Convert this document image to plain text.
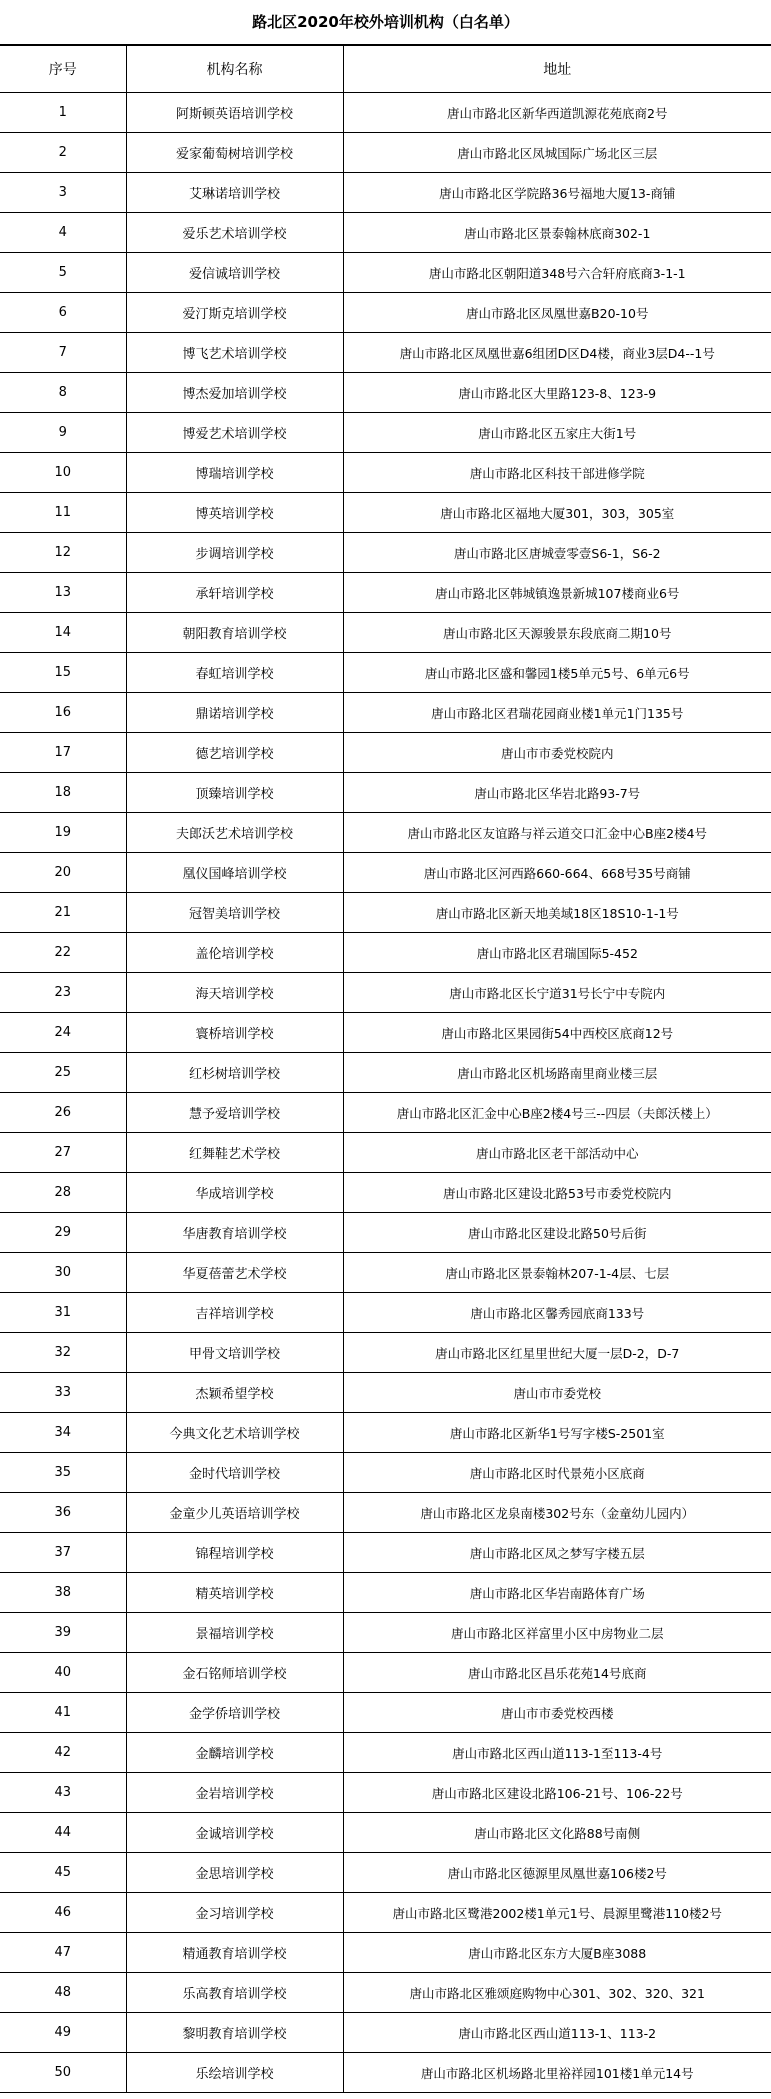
路北区2020年校外培训机构（白名单）
序号	机构名称	地址
1	阿斯顿英语培训学校	唐山市路北区新华西道凯源花苑底商2号
2	爱家葡萄树培训学校	唐山市路北区凤城国际广场北区三层
3	艾琳诺培训学校	唐山市路北区学院路36号福地大厦13-商铺
4	爱乐艺术培训学校	唐山市路北区景泰翰林底商302-1
5	爱信诚培训学校	唐山市路北区朝阳道348号六合轩府底商3-1-1
6	爱汀斯克培训学校	唐山市路北区凤凰世嘉B20-10号
7	博飞艺术培训学校	唐山市路北区凤凰世嘉6组团D区D4楼，商业3层D4--1号
8	博杰爱加培训学校	唐山市路北区大里路123-8、123-9
9	博爱艺术培训学校	唐山市路北区五家庄大街1号
10	博瑞培训学校	唐山市路北区科技干部进修学院
11	博英培训学校	唐山市路北区福地大厦301，303，305室
12	步调培训学校	唐山市路北区唐城壹零壹S6-1，S6-2
13	承轩培训学校	唐山市路北区韩城镇逸景新城107楼商业6号
14	朝阳教育培训学校	唐山市路北区天源骏景东段底商二期10号
15	春虹培训学校	唐山市路北区盛和馨园1楼5单元5号、6单元6号
16	鼎诺培训学校	唐山市路北区君瑞花园商业楼1单元1门135号
17	德艺培训学校	唐山市市委党校院内
18	顶臻培训学校	唐山市路北区华岩北路93-7号
19	夫郎沃艺术培训学校	唐山市路北区友谊路与祥云道交口汇金中心B座2楼4号
20	凰仪国峰培训学校	唐山市路北区河西路660-664、668号35号商铺
21	冠智美培训学校	唐山市路北区新天地美域18区18S10-1-1号
22	盖伦培训学校	唐山市路北区君瑞国际5-452
23	海天培训学校	唐山市路北区长宁道31号长宁中专院内
24	寰桥培训学校	唐山市路北区果园街54中西校区底商12号
25	红杉树培训学校	唐山市路北区机场路南里商业楼三层
26	慧予爱培训学校	唐山市路北区汇金中心B座2楼4号三--四层（夫郎沃楼上）
27	红舞鞋艺术学校	唐山市路北区老干部活动中心
28	华成培训学校	唐山市路北区建设北路53号市委党校院内
29	华唐教育培训学校	唐山市路北区建设北路50号后街
30	华夏蓓蕾艺术学校	唐山市路北区景泰翰林207-1-4层、七层
31	吉祥培训学校	唐山市路北区馨秀园底商133号
32	甲骨文培训学校	唐山市路北区红星里世纪大厦一层D-2，D-7
33	杰颖希望学校	唐山市市委党校
34	今典文化艺术培训学校	唐山市路北区新华1号写字楼S-2501室
35	金时代培训学校	唐山市路北区时代景苑小区底商
36	金童少儿英语培训学校	唐山市路北区龙泉南楼302号东（金童幼儿园内）
37	锦程培训学校	唐山市路北区凤之梦写字楼五层
38	精英培训学校	唐山市路北区华岩南路体育广场
39	景福培训学校	唐山市路北区祥富里小区中房物业二层
40	金石铭师培训学校	唐山市路北区昌乐花苑14号底商
41	金学侨培训学校	唐山市市委党校西楼
42	金麟培训学校	唐山市路北区西山道113-1至113-4号
43	金岩培训学校	唐山市路北区建设北路106-21号、106-22号
44	金诚培训学校	唐山市路北区文化路88号南侧
45	金思培训学校	唐山市路北区德源里凤凰世嘉106楼2号
46	金习培训学校	唐山市路北区鹭港2002楼1单元1号、晨源里鹭港110楼2号
47	精通教育培训学校	唐山市路北区东方大厦B座3088
48	乐高教育培训学校	唐山市路北区雅颂庭购物中心301、302、320、321
49	黎明教育培训学校	唐山市路北区西山道113-1、113-2
50	乐绘培训学校	唐山市路北区机场路北里裕祥园101楼1单元14号
